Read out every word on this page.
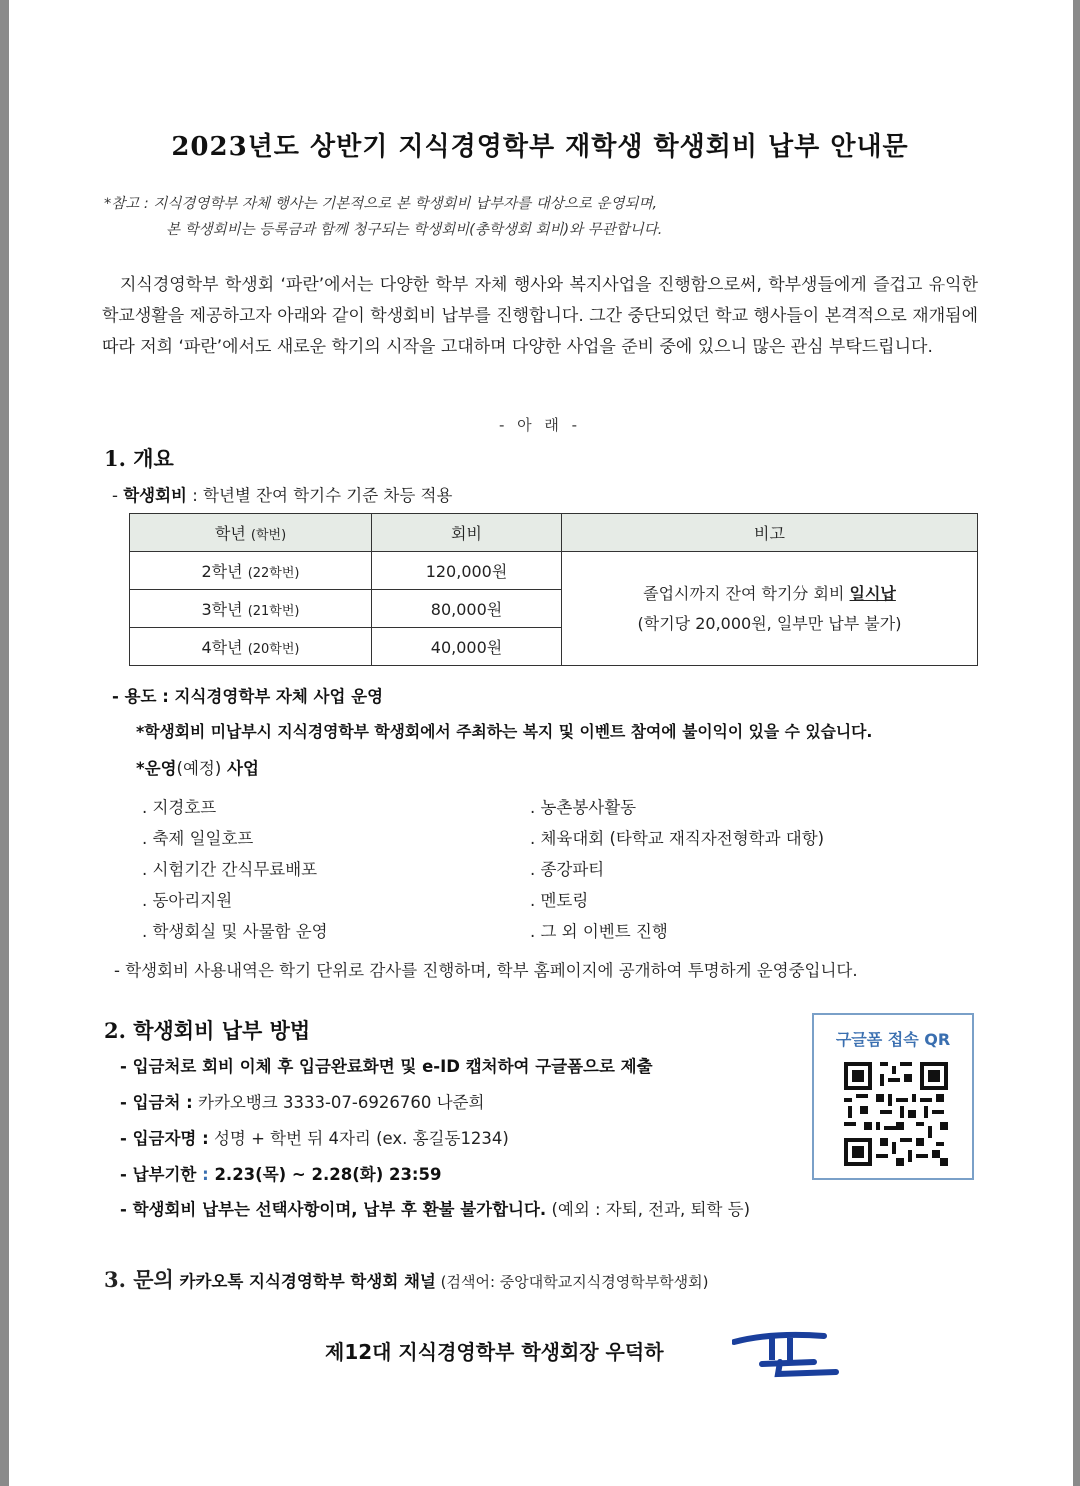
2023년도 상반기 지식경영학부 재학생 학생회비 납부 안내문
*참고 : 지식경영학부 자체 행사는 기본적으로 본 학생회비 납부자를 대상으로 운영되며,
본 학생회비는 등록금과 함께 청구되는 학생회비(총학생회 회비)와 무관합니다.
지식경영학부 학생회 ‘파란’에서는 다양한 학부 자체 행사와 복지사업을 진행함으로써, 학부생들에게 즐겁고 유익한 학교생활을 제공하고자 아래와 같이 학생회비 납부를 진행합니다. 그간 중단되었던 학교 행사들이 본격적으로 재개됨에 따라 저희 ‘파란’에서도 새로운 학기의 시작을 고대하며 다양한 사업을 준비 중에 있으니 많은 관심 부탁드립니다.
- 아 래 -
1. 개요
- 학생회비 : 학년별 잔여 학기수 기준 차등 적용
학년 (학번)	회비	비고
2학년 (22학번)	120,000원	졸업시까지 잔여 학기分 회비 일시납
(학기당 20,000원, 일부만 납부 불가)
3학년 (21학번)	80,000원	
4학년 (20학번)	40,000원	
- 용도 : 지식경영학부 자체 사업 운영
*학생회비 미납부시 지식경영학부 학생회에서 주최하는 복지 및 이벤트 참여에 불이익이 있을 수 있습니다.
*운영(예정) 사업
. 지경호프
. 축제 일일호프
. 시험기간 간식무료배포
. 동아리지원
. 학생회실 및 사물함 운영
. 농촌봉사활동
. 체육대회 (타학교 재직자전형학과 대항)
. 종강파티
. 멘토링
. 그 외 이벤트 진행
- 학생회비 사용내역은 학기 단위로 감사를 진행하며, 학부 홈페이지에 공개하여 투명하게 운영중입니다.
2. 학생회비 납부 방법
- 입금처로 회비 이체 후 입금완료화면 및 e-ID 캡처하여 구글폼으로 제출
- 입금처 : 카카오뱅크 3333-07-6926760 나준희
- 입금자명 : 성명 + 학번 뒤 4자리 (ex. 홍길동1234)
- 납부기한 : 2.23(목) ~ 2.28(화) 23:59
- 학생회비 납부는 선택사항이며, 납부 후 환불 불가합니다. (예외 : 자퇴, 전과, 퇴학 등)
구글폼 접속 QR
3. 문의 카카오톡 지식경영학부 학생회 채널 (검색어: 중앙대학교지식경영학부학생회)
제12대 지식경영학부 학생회장 우덕하
